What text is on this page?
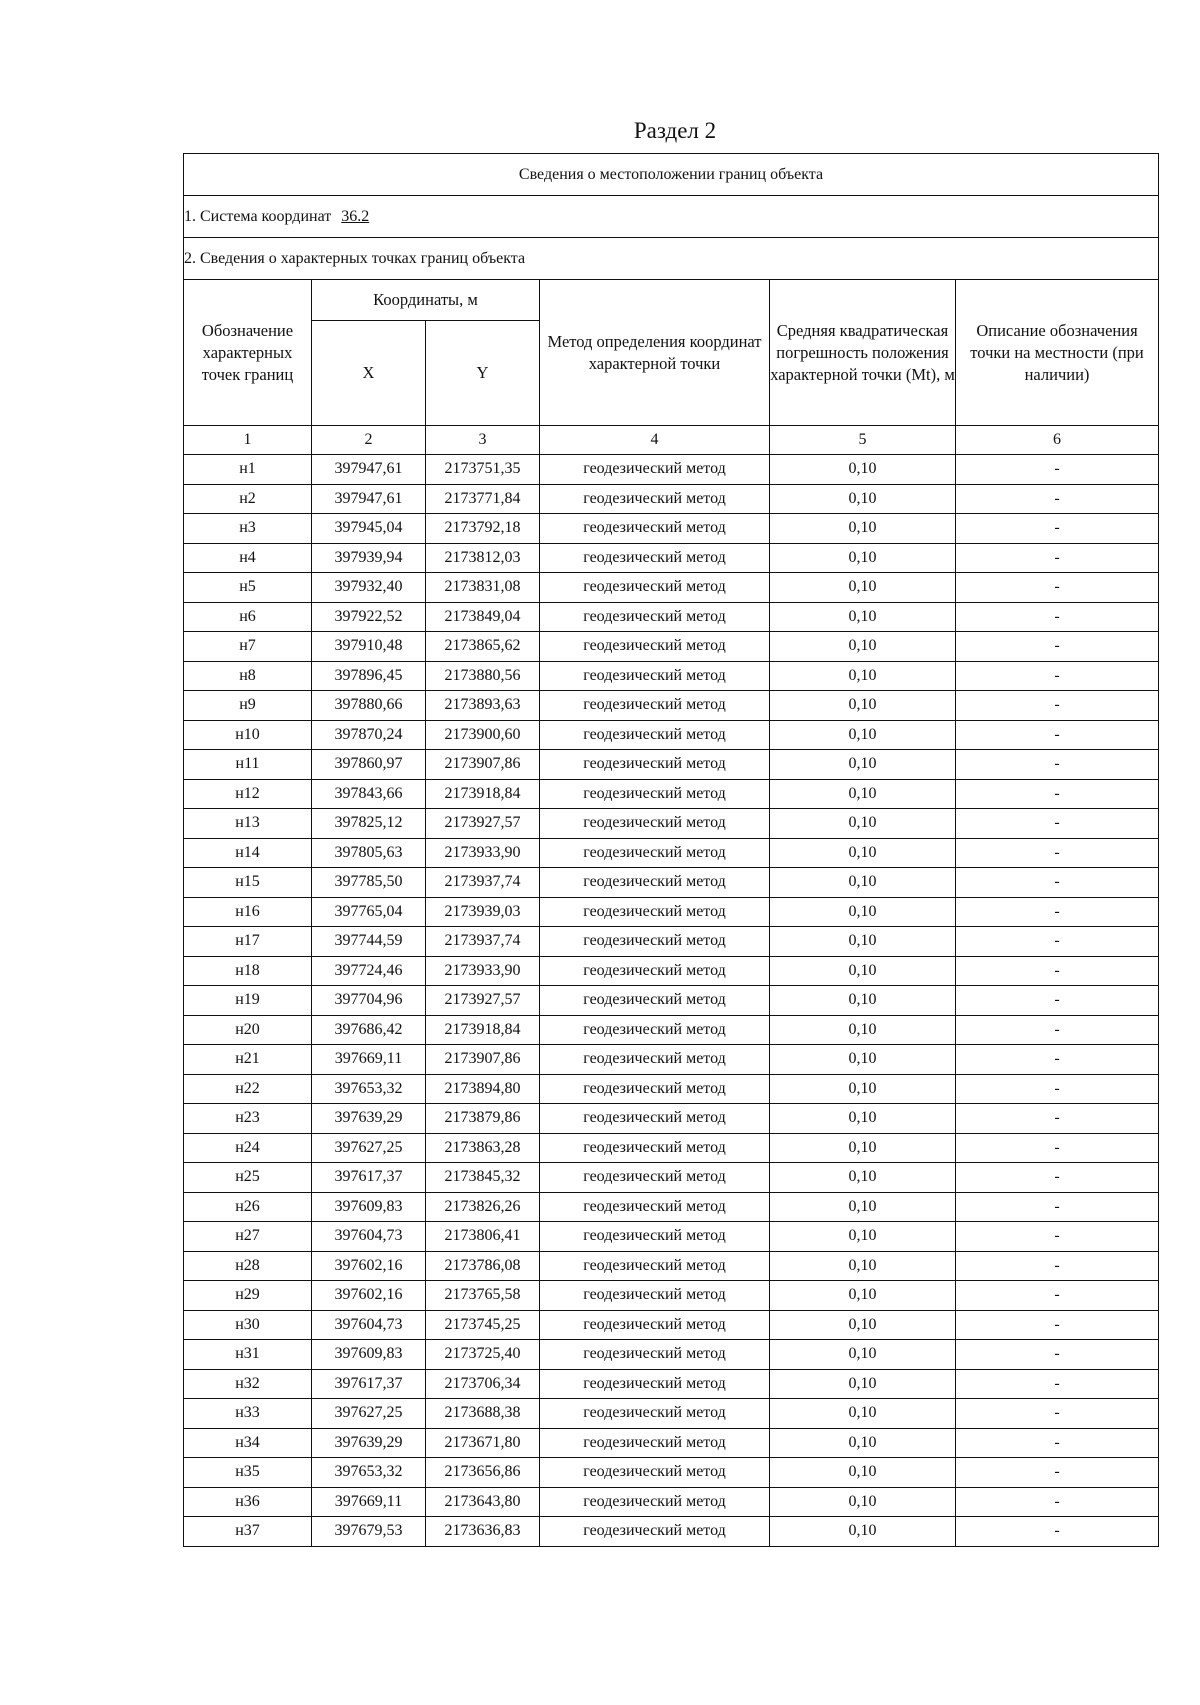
Раздел 2
Сведения о местоположении границ объекта					
1. Система координат 36.2					
2. Сведения о характерных точках границ объекта					
Обозначение характерных точек границ	Координаты, м		Метод определения координат характерной точки	Средняя квадратическая погрешность положения характерной точки (Mt), м	Описание обозначения точки на местности (при наличии)
	X	Y			
1	2	3	4	5	6
н1	397947,61	2173751,35	геодезический метод	0,10	-
н2	397947,61	2173771,84	геодезический метод	0,10	-
н3	397945,04	2173792,18	геодезический метод	0,10	-
н4	397939,94	2173812,03	геодезический метод	0,10	-
н5	397932,40	2173831,08	геодезический метод	0,10	-
н6	397922,52	2173849,04	геодезический метод	0,10	-
н7	397910,48	2173865,62	геодезический метод	0,10	-
н8	397896,45	2173880,56	геодезический метод	0,10	-
н9	397880,66	2173893,63	геодезический метод	0,10	-
н10	397870,24	2173900,60	геодезический метод	0,10	-
н11	397860,97	2173907,86	геодезический метод	0,10	-
н12	397843,66	2173918,84	геодезический метод	0,10	-
н13	397825,12	2173927,57	геодезический метод	0,10	-
н14	397805,63	2173933,90	геодезический метод	0,10	-
н15	397785,50	2173937,74	геодезический метод	0,10	-
н16	397765,04	2173939,03	геодезический метод	0,10	-
н17	397744,59	2173937,74	геодезический метод	0,10	-
н18	397724,46	2173933,90	геодезический метод	0,10	-
н19	397704,96	2173927,57	геодезический метод	0,10	-
н20	397686,42	2173918,84	геодезический метод	0,10	-
н21	397669,11	2173907,86	геодезический метод	0,10	-
н22	397653,32	2173894,80	геодезический метод	0,10	-
н23	397639,29	2173879,86	геодезический метод	0,10	-
н24	397627,25	2173863,28	геодезический метод	0,10	-
н25	397617,37	2173845,32	геодезический метод	0,10	-
н26	397609,83	2173826,26	геодезический метод	0,10	-
н27	397604,73	2173806,41	геодезический метод	0,10	-
н28	397602,16	2173786,08	геодезический метод	0,10	-
н29	397602,16	2173765,58	геодезический метод	0,10	-
н30	397604,73	2173745,25	геодезический метод	0,10	-
н31	397609,83	2173725,40	геодезический метод	0,10	-
н32	397617,37	2173706,34	геодезический метод	0,10	-
н33	397627,25	2173688,38	геодезический метод	0,10	-
н34	397639,29	2173671,80	геодезический метод	0,10	-
н35	397653,32	2173656,86	геодезический метод	0,10	-
н36	397669,11	2173643,80	геодезический метод	0,10	-
н37	397679,53	2173636,83	геодезический метод	0,10	-
